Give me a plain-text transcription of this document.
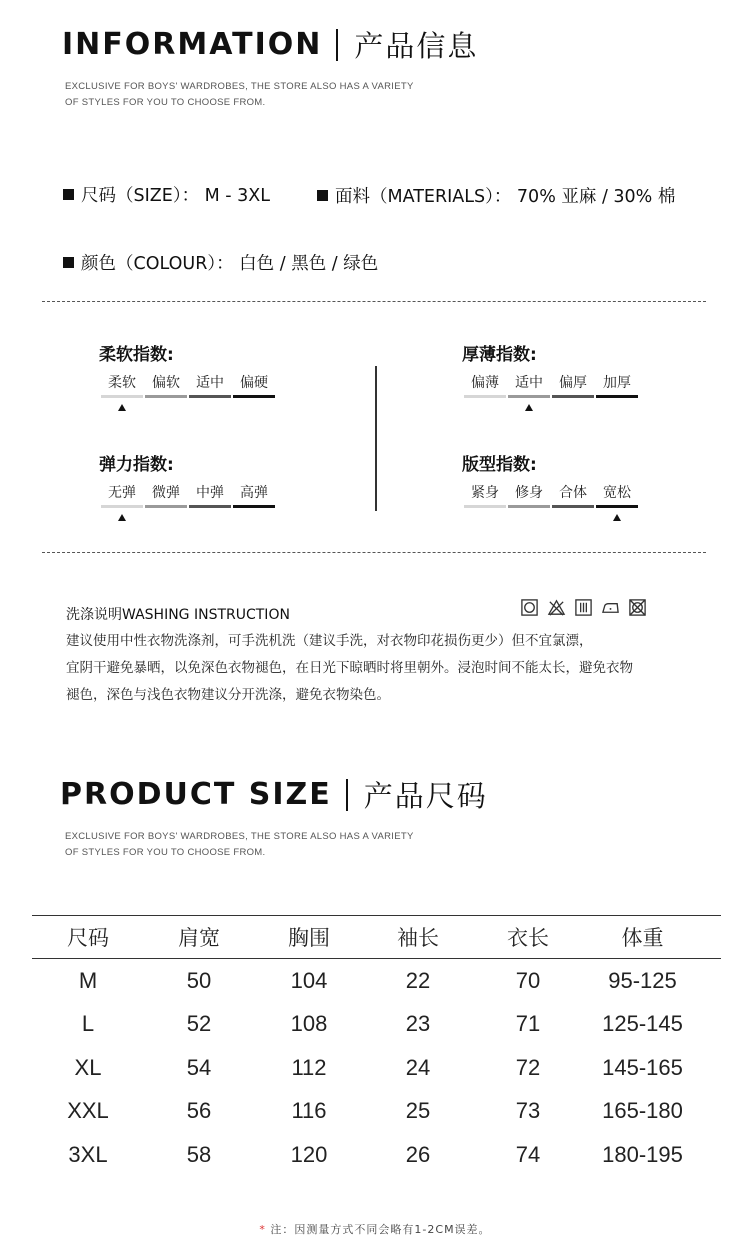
INFORMATION 产品信息
EXCLUSIVE FOR BOYS' WARDROBES, THE STORE ALSO HAS A VARIETY
OF STYLES FOR YOU TO CHOOSE FROM.
尺码（SIZE）： M - 3XL	面料（MATERIALS）： 70% 亚麻 / 30% 棉
颜色（COLOUR）： 白色 / 黑色 / 绿色
柔软指数:
柔软	偏软	适中	偏硬
厚薄指数:
偏薄	适中	偏厚	加厚
弹力指数:
无弹	微弹	中弹	高弹
版型指数:
紧身	修身	合体	宽松
洗涤说明WASHING INSTRUCTION
建议使用中性衣物洗涤剂，可手洗机洗（建议手洗，对衣物印花损伤更少）但不宜氯漂，
宜阴干避免暴晒，以免深色衣物褪色，在日光下晾晒时将里朝外。浸泡时间不能太长，避免衣物
褪色，深色与浅色衣物建议分开洗涤，避免衣物染色。
PRODUCT SIZE 产品尺码
EXCLUSIVE FOR BOYS' WARDROBES, THE STORE ALSO HAS A VARIETY
OF STYLES FOR YOU TO CHOOSE FROM.
尺码	肩宽	胸围	袖长	衣长	体重
M	50	104	22	70	95-125
L	52	108	23	71	125-145
XL	54	112	24	72	145-165
XXL	56	116	25	73	165-180
3XL	58	120	26	74	180-195
* 注：因测量方式不同会略有1-2CM误差。
